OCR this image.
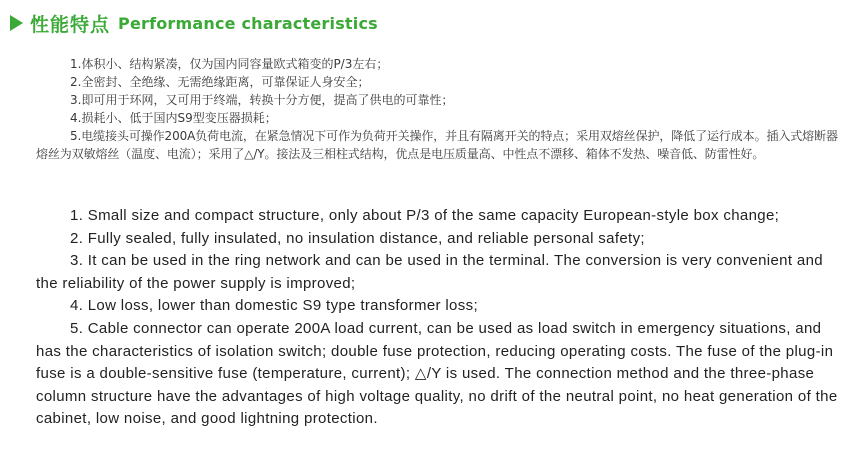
性能特点 Performance characteristics
1.体积小、结构紧凑，仅为国内同容量欧式箱变的P/3左右；
2.全密封、全绝缘、无需绝缘距离，可靠保证人身安全；
3.即可用于环网，又可用于终端，转换十分方便，提高了供电的可靠性；
4.损耗小、低于国内S9型变压器损耗；
5.电缆接头可操作200A负荷电流，在紧急情况下可作为负荷开关操作，并且有隔离开关的特点；采用双熔丝保护，降低了运行成本。插入式熔断器熔丝为双敏熔丝（温度、电流）；采用了△/Y。接法及三相柱式结构，优点是电压质量高、中性点不漂移、箱体不发热、噪音低、防雷性好。

1. Small size and compact structure, only about P/3 of the same capacity European-style box change;

2. Fully sealed, fully insulated, no insulation distance, and reliable personal safety;

3. It can be used in the ring network and can be used in the terminal. The conversion is very convenient and the reliability of the power supply is improved;

4. Low loss, lower than domestic S9 type transformer loss;

5. Cable connector can operate 200A load current, can be used as load switch in emergency situations, and has the characteristics of isolation switch; double fuse protection, reducing operating costs. The fuse of the plug-in fuse is a double-sensitive fuse (temperature, current); △/Y is used. The connection method and the three-phase column structure have the advantages of high voltage quality, no drift of the neutral point, no heat generation of the cabinet, low noise, and good lightning protection.
